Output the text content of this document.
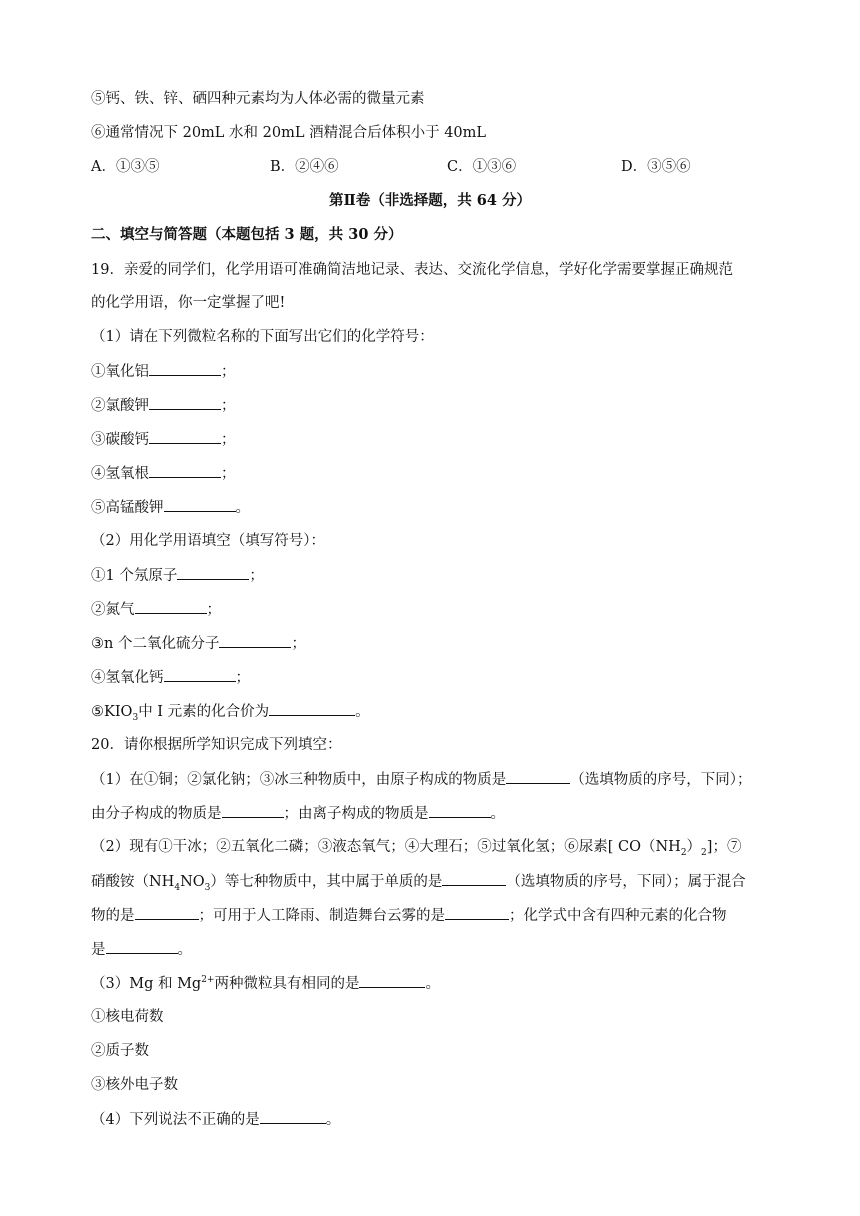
⑤钙、铁、锌、硒四种元素均为人体必需的微量元素
⑥通常情况下 20mL 水和 20mL 酒精混合后体积小于 40mL
A．①③⑤	B．②④⑥	C．①③⑥	D．③⑤⑥
第Ⅱ卷（非选择题，共 64 分）
二、填空与简答题（本题包括 3 题，共 30 分）
19．亲爱的同学们，化学用语可准确简洁地记录、表达、交流化学信息，学好化学需要掌握正确规范
的化学用语，你一定掌握了吧!
（1）请在下列微粒名称的下面写出它们的化学符号：
①氧化铝	；
②氯酸钾	；
③碳酸钙	；
④氢氧根	；
⑤高锰酸钾	。
（2）用化学用语填空（填写符号）：
①1 个氖原子	；
②氮气	；
③n 个二氧化硫分子	；
④氢氧化钙	；
$⑤KIO_3$中 I 元素的化合价为	。
20．请你根据所学知识完成下列填空：
（1）在①铜；②氯化钠；③冰三种物质中，由原子构成的物质是	（选填物质的序号，下同）；
由分子构成的物质是	；由离子构成的物质是	。
（2）现有①干冰；②五氧化二磷；③液态氧气；④大理石；⑤过氧化氢；⑥尿素[ $CO(NH_2)_2$]；⑦
硝酸铵$(NH_4NO_3)$等七种物质中，其中属于单质的是	（选填物质的序号，下同）；属于混合
物的是	；可用于人工降雨、制造舞台云雾的是	；化学式中含有四种元素的化合物
是	。
（3）Mg 和 $Mg^{2+}$两种微粒具有相同的是	。
①核电荷数
②质子数
③核外电子数
（4）下列说法不正确的是	。
